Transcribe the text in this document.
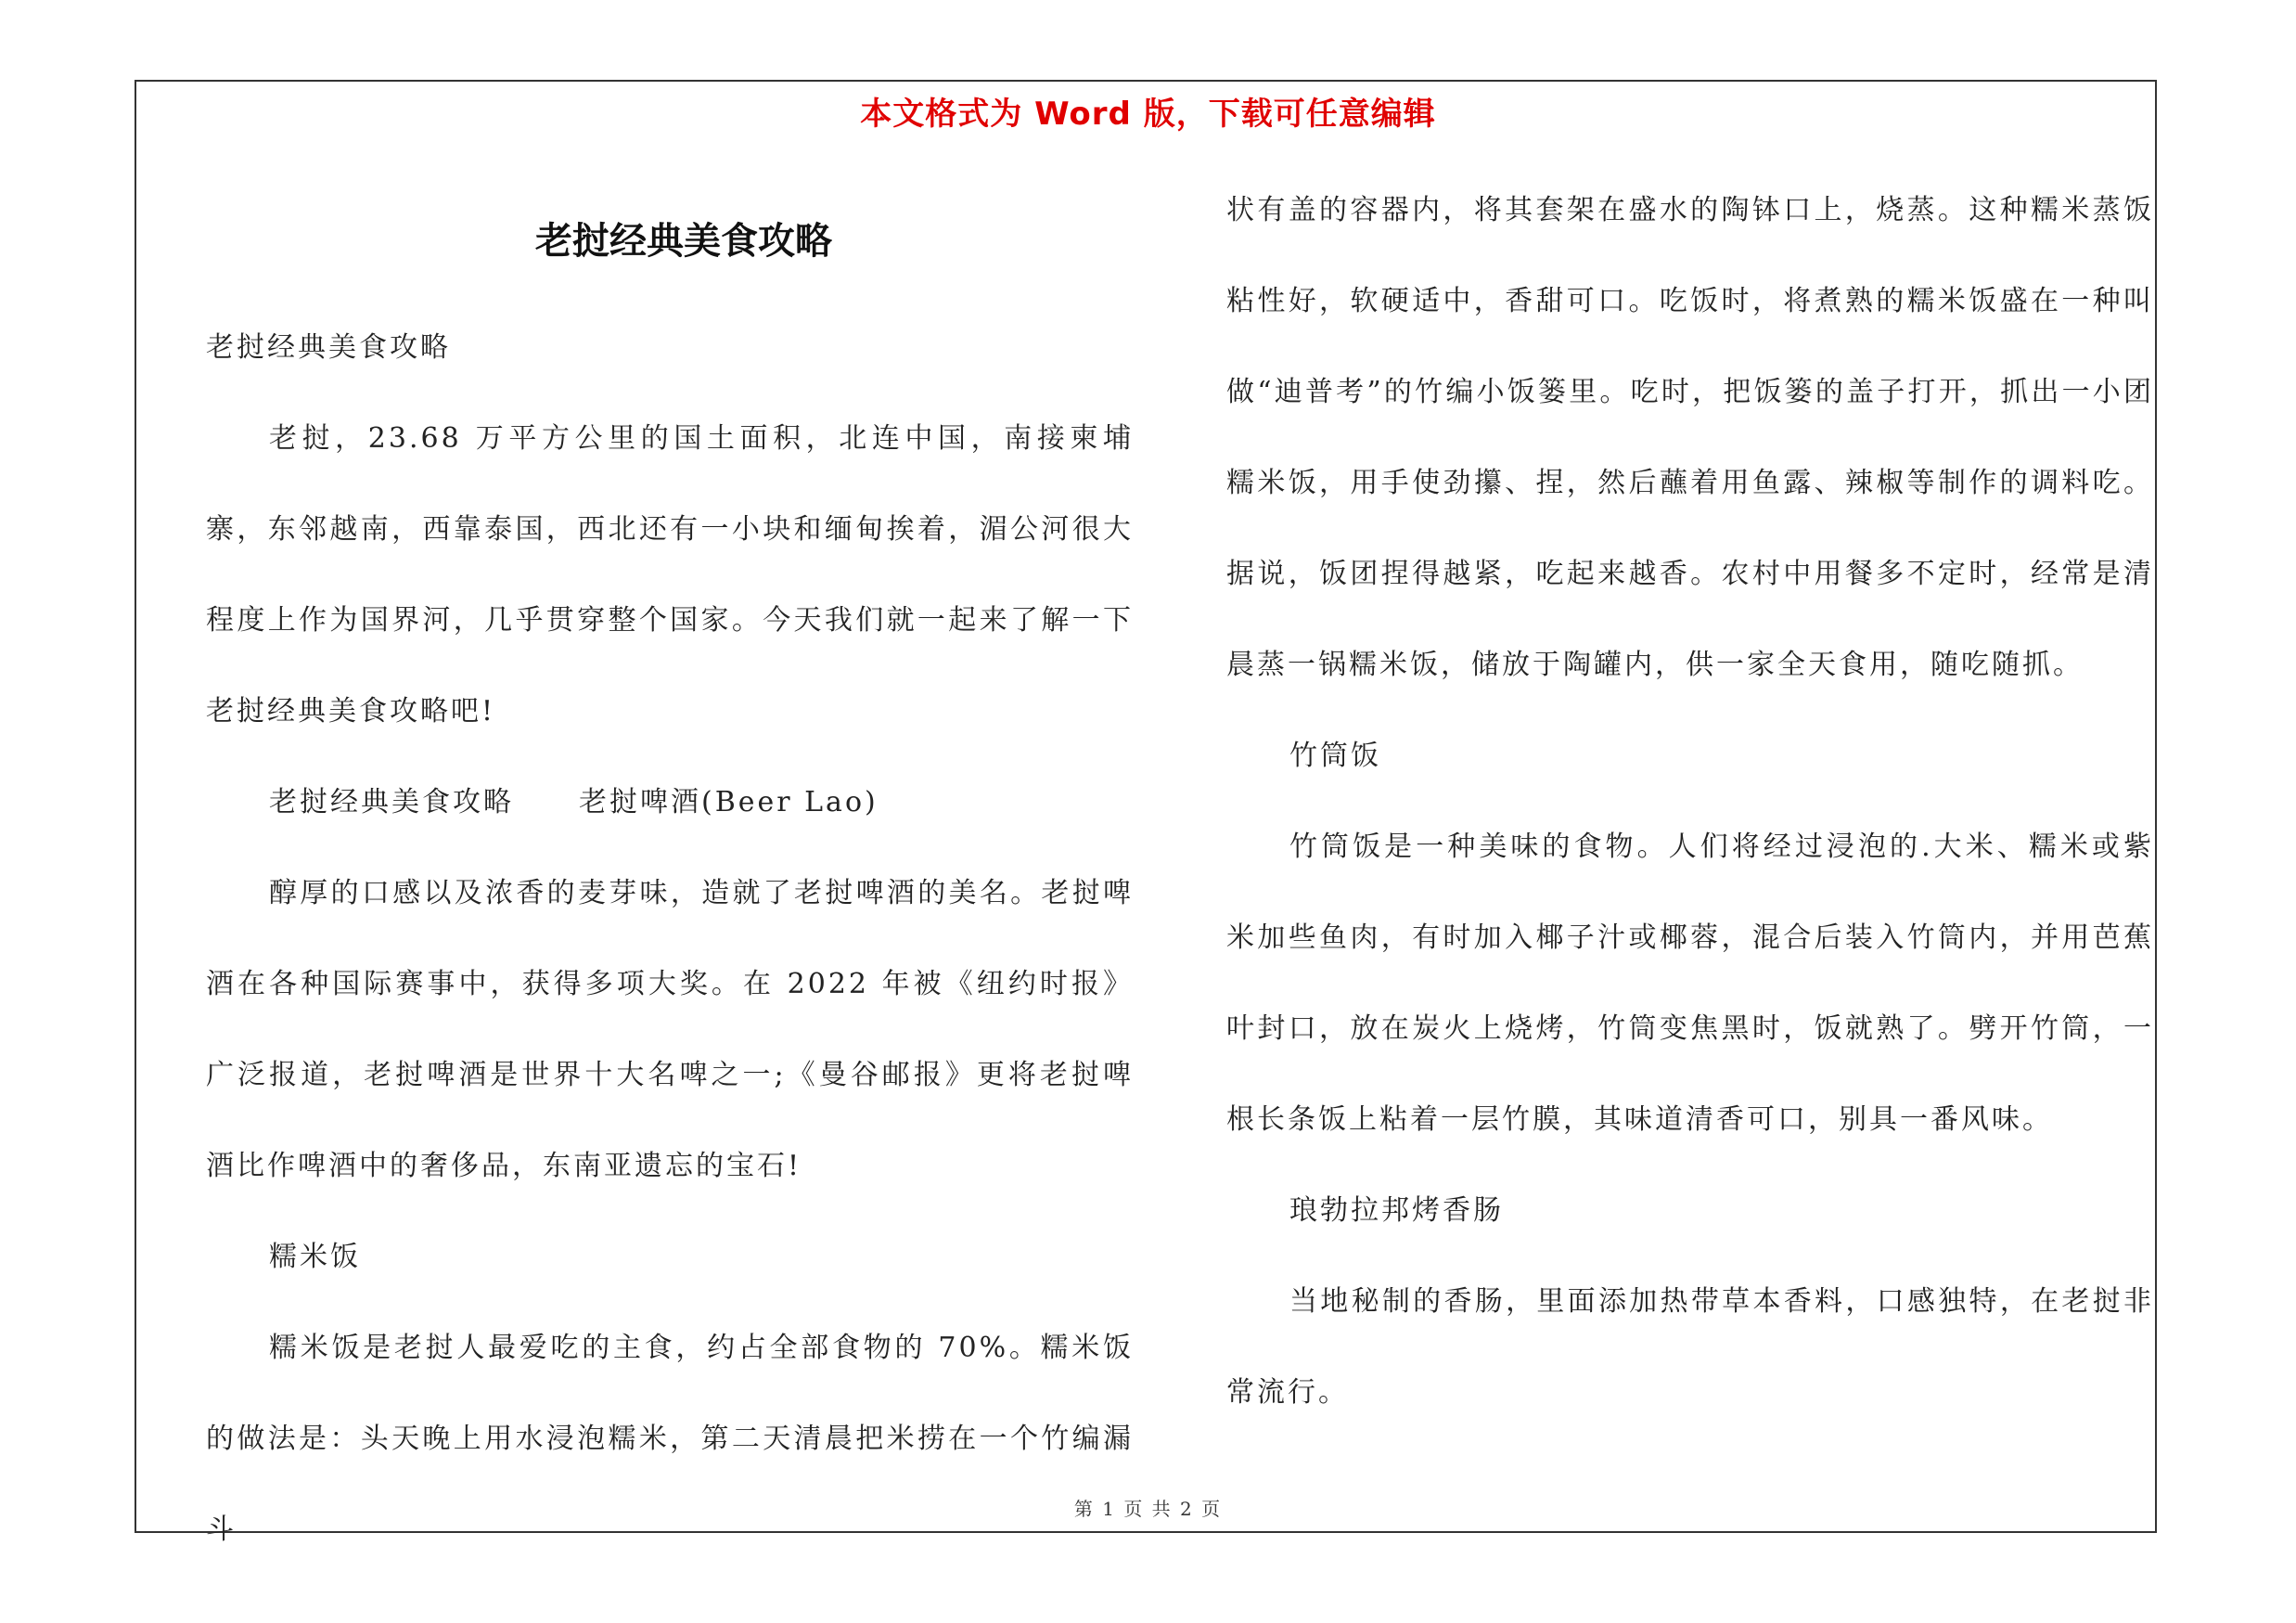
本文格式为 Word 版，下载可任意编辑
老挝经典美食攻略

老挝经典美食攻略

老挝，23.68 万平方公里的国土面积，北连中国，南接柬埔寨，东邻越南，西靠泰国，西北还有一小块和缅甸挨着，湄公河很大程度上作为国界河，几乎贯穿整个国家。今天我们就一起来了解一下老挝经典美食攻略吧!

老挝经典美食攻略 老挝啤酒(Beer Lao)

醇厚的口感以及浓香的麦芽味，造就了老挝啤酒的美名。老挝啤酒在各种国际赛事中，获得多项大奖。在 2022 年被《纽约时报》广泛报道，老挝啤酒是世界十大名啤之一;《曼谷邮报》更将老挝啤酒比作啤酒中的奢侈品，东南亚遗忘的宝石!

糯米饭

糯米饭是老挝人最爱吃的主食，约占全部食物的 70%。糯米饭的做法是：头天晚上用水浸泡糯米，第二天清晨把米捞在一个竹编漏斗

状有盖的容器内，将其套架在盛水的陶钵口上，烧蒸。这种糯米蒸饭粘性好，软硬适中，香甜可口。吃饭时，将煮熟的糯米饭盛在一种叫做“迪普考”的竹编小饭篓里。吃时，把饭篓的盖子打开，抓出一小团糯米饭，用手使劲攥、捏，然后蘸着用鱼露、辣椒等制作的调料吃。据说，饭团捏得越紧，吃起来越香。农村中用餐多不定时，经常是清晨蒸一锅糯米饭，储放于陶罐内，供一家全天食用，随吃随抓。

竹筒饭

竹筒饭是一种美味的食物。人们将经过浸泡的.大米、糯米或紫米加些鱼肉，有时加入椰子汁或椰蓉，混合后装入竹筒内，并用芭蕉叶封口，放在炭火上烧烤，竹筒变焦黑时，饭就熟了。劈开竹筒，一根长条饭上粘着一层竹膜，其味道清香可口，别具一番风味。

琅勃拉邦烤香肠

当地秘制的香肠，里面添加热带草本香料，口感独特，在老挝非常流行。

第 1 页 共 2 页
